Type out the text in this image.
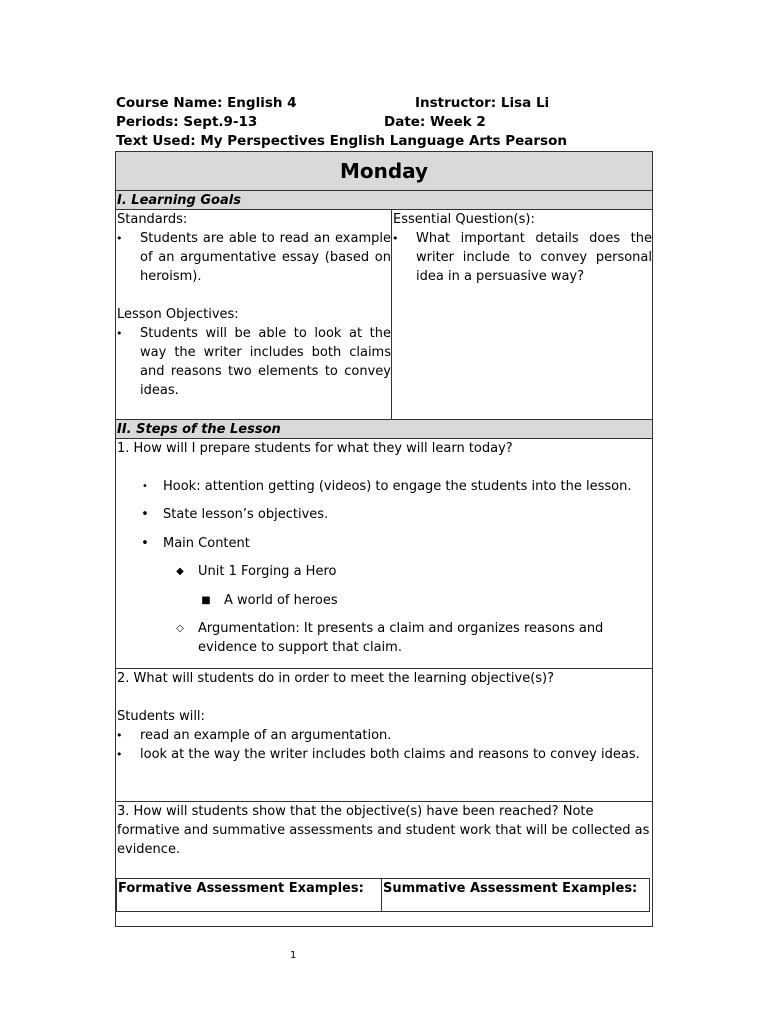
Course Name: English 4	Instructor: Lisa Li
Periods: Sept.9-13	Date: Week 2
Text Used: My Perspectives English Language Arts Pearson
Monday
I. Learning Goals
Standards:
• Students are able to read an example of an argumentative essay (based on heroism).
Lesson Objectives:
• Students will be able to look at the way the writer includes both claims and reasons two elements to convey ideas.
Essential Question(s):
• What important details does the writer include to convey personal idea in a persuasive way?
II. Steps of the Lesson
1. How will I prepare students for what they will learn today?
•	Hook: attention getting (videos) to engage the students into the lesson.
• State lesson’s objectives.
• Main Content
◆ Unit 1 Forging a Hero
■ A world of heroes
◇ Argumentation: It presents a claim and organizes reasons and evidence to support that claim.
2. What will students do in order to meet the learning objective(s)?
Students will:
• read an example of an argumentation.
• look at the way the writer includes both claims and reasons to convey ideas.
3. How will students show that the objective(s) have been reached? Note formative and summative assessments and student work that will be collected as evidence.
Formative Assessment Examples:	Summative Assessment Examples:
1
